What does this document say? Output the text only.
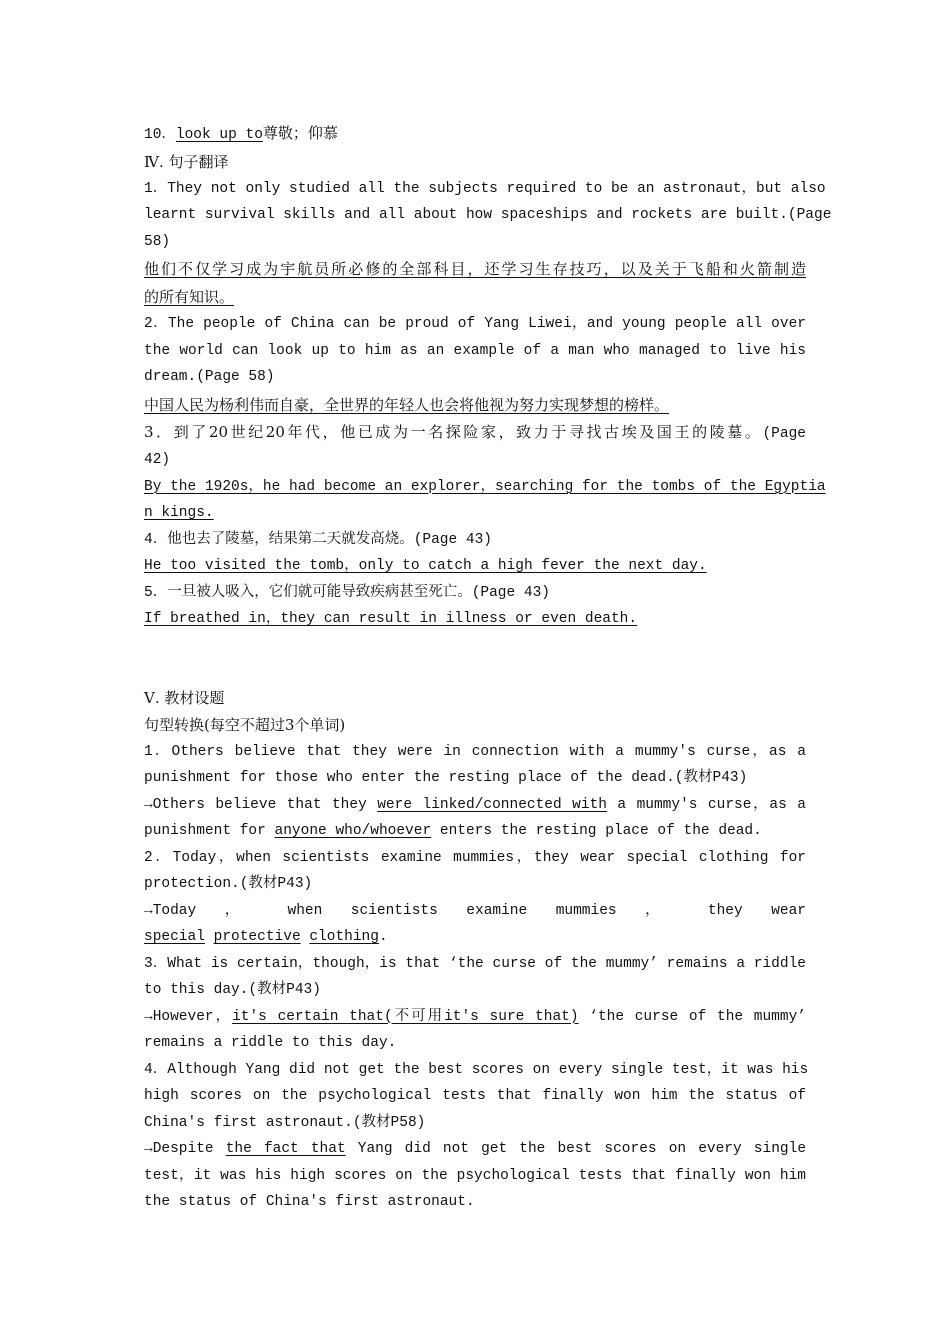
10．look up to尊敬；仰慕
Ⅳ. 句子翻译
1．They not only studied all the subjects required to be an astronaut，but also
learnt survival skills and all about how spaceships and rockets are built.(Page
58)
他们不仅学习成为宇航员所必修的全部科目，还学习生存技巧，以及关于飞船和火箭制造
的所有知识。
2．The people of China can be proud of Yang Liwei，and young people all over
the world can look up to him as an example of a man who managed to live his
dream.(Page 58)
中国人民为杨利伟而自豪，全世界的年轻人也会将他视为努力实现梦想的榜样。
3．到了20世纪20年代，他已成为一名探险家，致力于寻找古埃及国王的陵墓。(Page
42)
By the 1920s，he had become an explorer，searching for the tombs of the Egyptia
n kings.
4．他也去了陵墓，结果第二天就发高烧。(Page 43)
He too visited the tomb，only to catch a high fever the next day.
5．一旦被人吸入，它们就可能导致疾病甚至死亡。(Page 43)
If breathed in，they can result in illness or even death.
Ⅴ. 教材设题
句型转换(每空不超过3个单词)
1．Others believe that they were in connection with a mummy's curse，as a
punishment for those who enter the resting place of the dead.(教材P43)
→Others believe that they were linked/connected with a mummy's curse，as a
punishment for anyone who/whoever enters the resting place of the dead.
2．Today，when scientists examine mummies，they wear special clothing for
protection.(教材P43)
→Today ， when scientists examine mummies ， they wear
special protective clothing.
3．What is certain，though，is that ‘the curse of the mummy’ remains a riddle
to this day.(教材P43)
→However，it's certain that(不可用it's sure that) ‘the curse of the mummy’
remains a riddle to this day.
4．Although Yang did not get the best scores on every single test，it was his
high scores on the psychological tests that finally won him the status of
China's first astronaut.(教材P58)
→Despite the fact that Yang did not get the best scores on every single
test，it was his high scores on the psychological tests that finally won him
the status of China's first astronaut.
